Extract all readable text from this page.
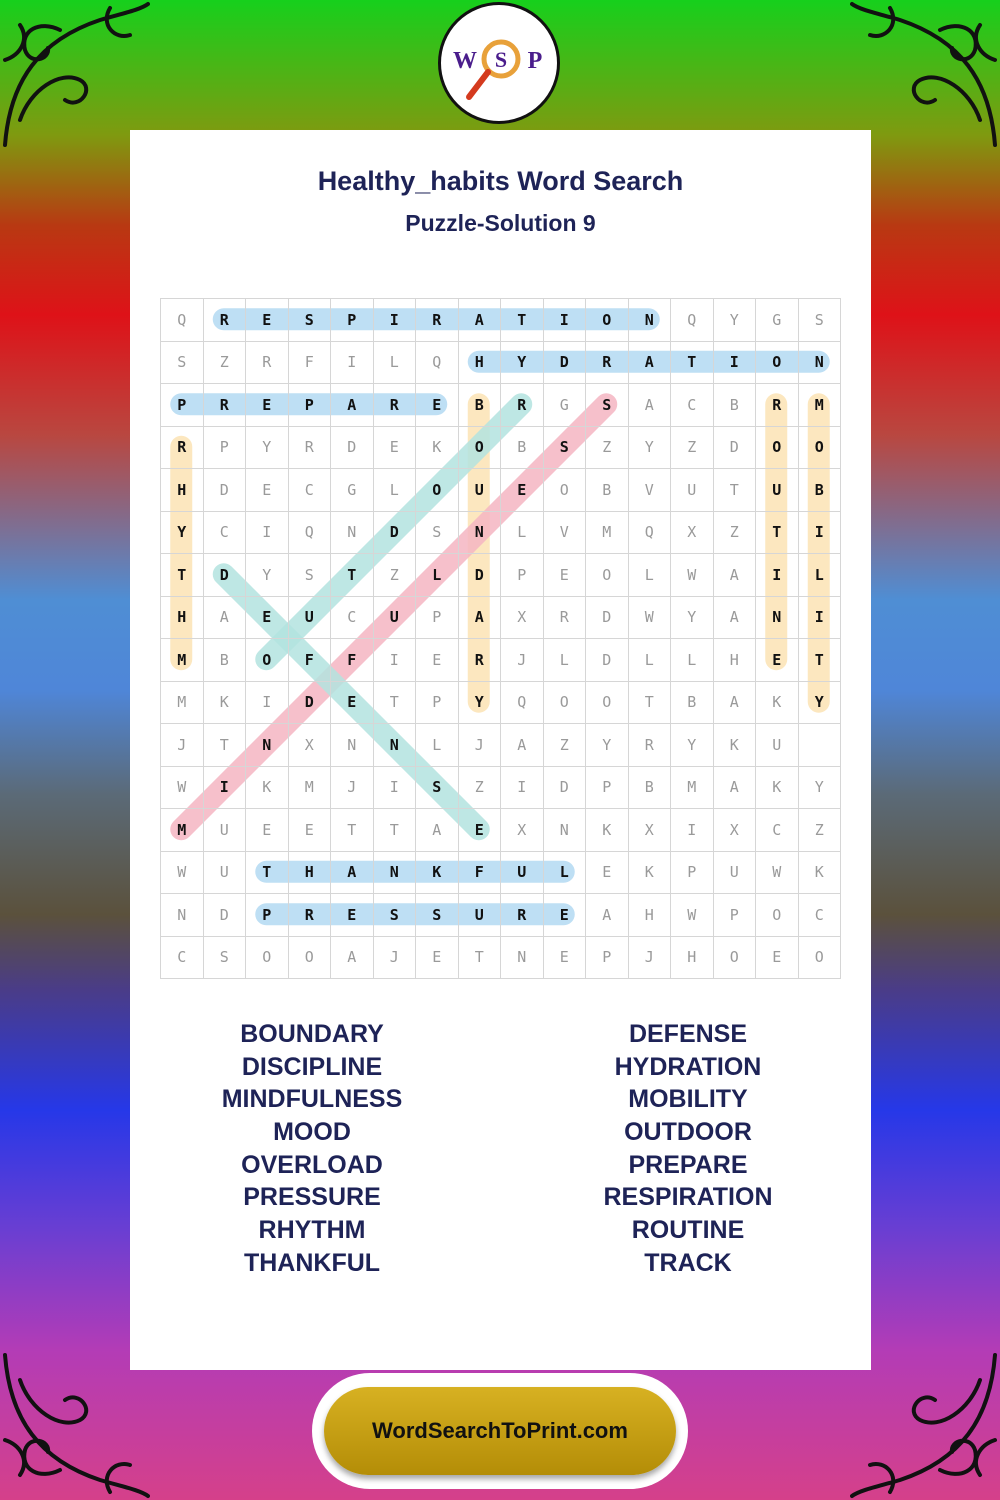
W S P
Healthy_habits Word Search
Puzzle-Solution 9
Q	R	E	S	P	I	R	A	T	I	O	N	Q	Y	G	S
S	Z	R	F	I	L	Q	H	Y	D	R	A	T	I	O	N
P	R	E	P	A	R	E	B	R	G	S	A	C	B	R	M
R	P	Y	R	D	E	K	O	B	S	Z	Y	Z	D	O	O
H	D	E	C	G	L	O	U	E	O	B	V	U	T	U	B
Y	C	I	Q	N	D	S	N	L	V	M	Q	X	Z	T	I
T	D	Y	S	T	Z	L	D	P	E	O	L	W	A	I	L
H	A	E	U	C	U	P	A	X	R	D	W	Y	A	N	I
M	B	O	F	F	I	E	R	J	L	D	L	L	H	E	T
M	K	I	D	E	T	P	Y	Q	O	O	T	B	A	K	Y
J	T	N	X	N	N	L	J	A	Z	Y	R	Y	K	U
W	I	K	M	J	I	S	Z	I	D	P	B	M	A	K	Y
M	U	E	E	T	T	A	E	X	N	K	X	I	X	C	Z
W	U	T	H	A	N	K	F	U	L	E	K	P	U	W	K
N	D	P	R	E	S	S	U	R	E	A	H	W	P	O	C
C	S	O	O	A	J	E	T	N	E	P	J	H	O	E	O
BOUNDARY
DISCIPLINE
MINDFULNESS
MOOD
OVERLOAD
PRESSURE
RHYTHM
THANKFUL
DEFENSE
HYDRATION
MOBILITY
OUTDOOR
PREPARE
RESPIRATION
ROUTINE
TRACK
WordSearchToPrint.com
